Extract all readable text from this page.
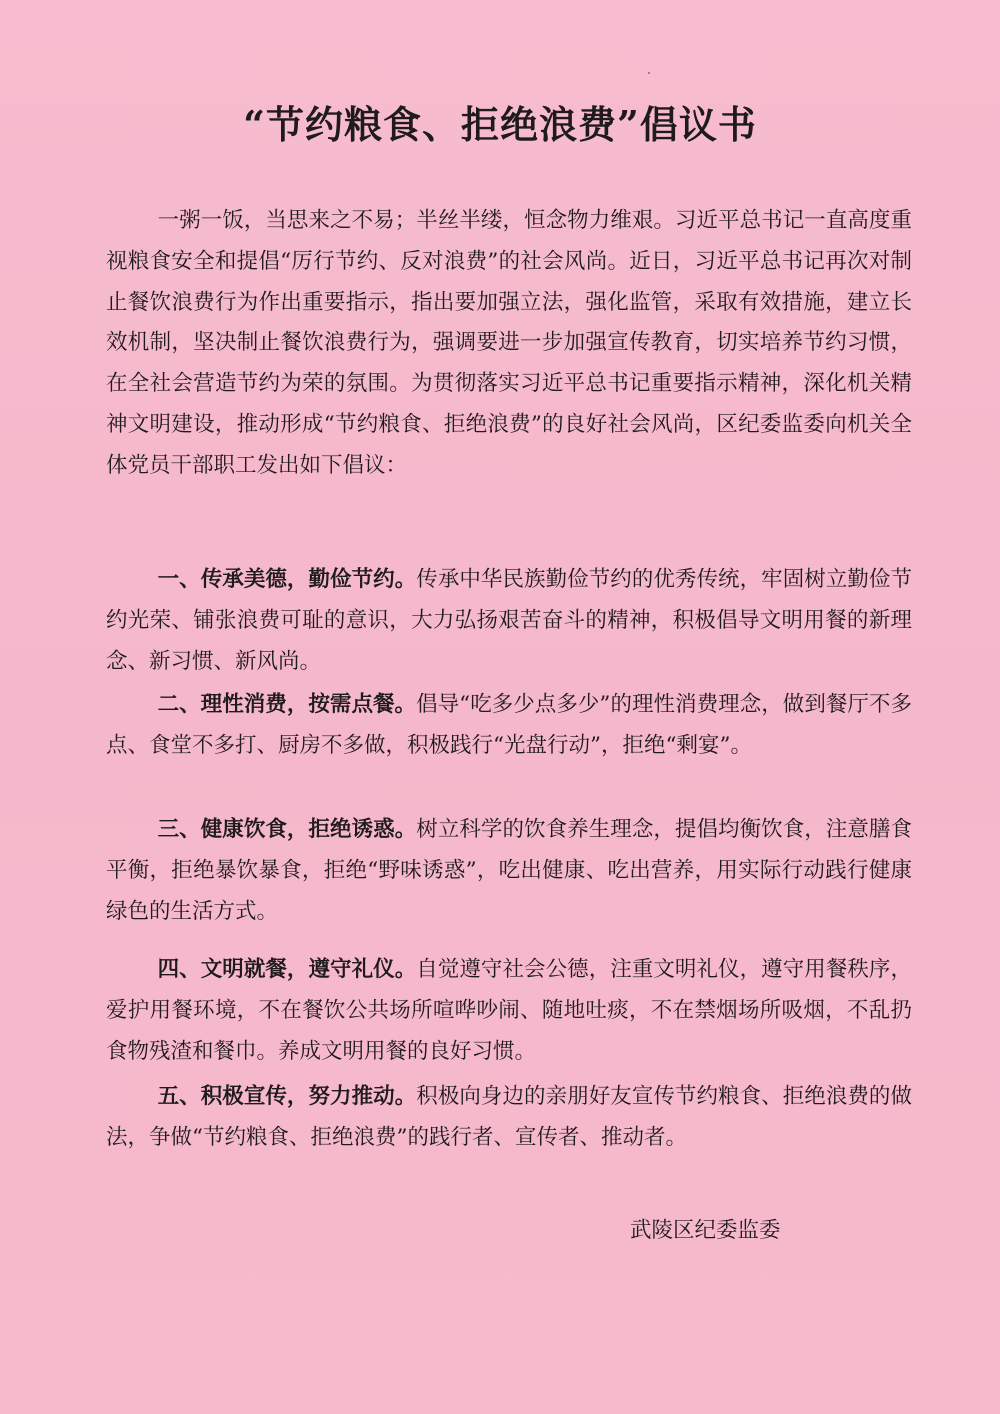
“节约粮食、拒绝浪费”倡议书

一粥一饭，当思来之不易；半丝半缕，恒念物力维艰。习近平总书记一直高度重视粮食安全和提倡“厉行节约、反对浪费”的社会风尚。近日，习近平总书记再次对制止餐饮浪费行为作出重要指示，指出要加强立法，强化监管，采取有效措施，建立长效机制，坚决制止餐饮浪费行为，强调要进一步加强宣传教育，切实培养节约习惯，在全社会营造节约为荣的氛围。为贯彻落实习近平总书记重要指示精神，深化机关精神文明建设，推动形成“节约粮食、拒绝浪费”的良好社会风尚，区纪委监委向机关全体党员干部职工发出如下倡议：

一、传承美德，勤俭节约。传承中华民族勤俭节约的优秀传统，牢固树立勤俭节约光荣、铺张浪费可耻的意识，大力弘扬艰苦奋斗的精神，积极倡导文明用餐的新理念、新习惯、新风尚。

二、理性消费，按需点餐。倡导“吃多少点多少”的理性消费理念，做到餐厅不多点、食堂不多打、厨房不多做，积极践行“光盘行动”，拒绝“剩宴”。

三、健康饮食，拒绝诱惑。树立科学的饮食养生理念，提倡均衡饮食，注意膳食平衡，拒绝暴饮暴食，拒绝“野味诱惑”，吃出健康、吃出营养，用实际行动践行健康绿色的生活方式。

四、文明就餐，遵守礼仪。自觉遵守社会公德，注重文明礼仪，遵守用餐秩序，爱护用餐环境，不在餐饮公共场所喧哗吵闹、随地吐痰，不在禁烟场所吸烟，不乱扔食物残渣和餐巾。养成文明用餐的良好习惯。

五、积极宣传，努力推动。积极向身边的亲朋好友宣传节约粮食、拒绝浪费的做法，争做“节约粮食、拒绝浪费”的践行者、宣传者、推动者。

武陵区纪委监委
